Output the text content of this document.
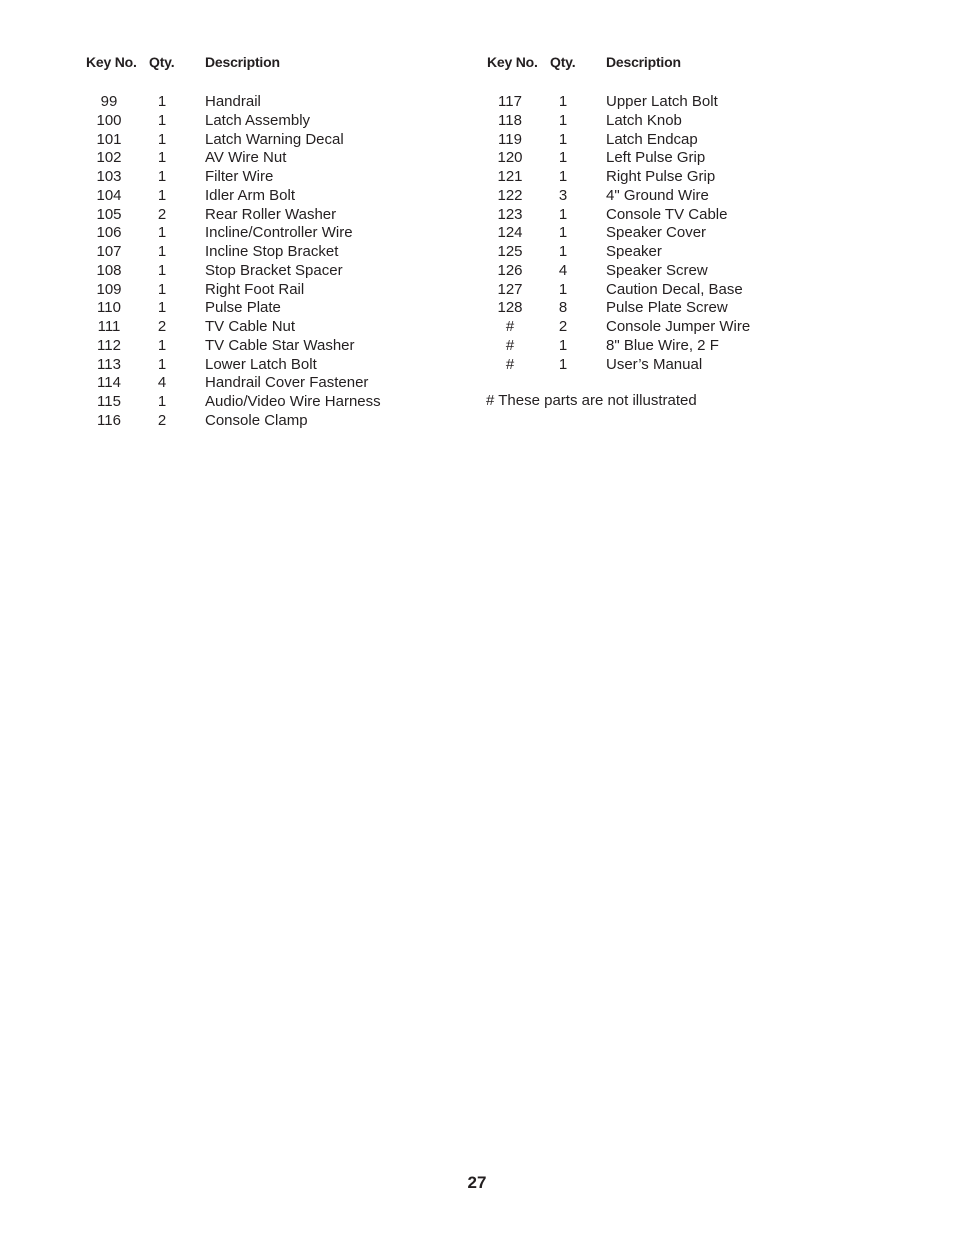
Key No. Qty. Description
99	1	Handrail
100	1	Latch Assembly
101	1	Latch Warning Decal
102	1	AV Wire Nut
103	1	Filter Wire
104	1	Idler Arm Bolt
105	2	Rear Roller Washer
106	1	Incline/Controller Wire
107	1	Incline Stop Bracket
108	1	Stop Bracket Spacer
109	1	Right Foot Rail
110	1	Pulse Plate
111	2	TV Cable Nut
112	1	TV Cable Star Washer
113	1	Lower Latch Bolt
114	4	Handrail Cover Fastener
115	1	Audio/Video Wire Harness
116	2	Console Clamp
Key No. Qty. Description
117	1	Upper Latch Bolt
118	1	Latch Knob
119	1	Latch Endcap
120	1	Left Pulse Grip
121	1	Right Pulse Grip
122	3	4" Ground Wire
123	1	Console TV Cable
124	1	Speaker Cover
125	1	Speaker
126	4	Speaker Screw
127	1	Caution Decal, Base
128	8	Pulse Plate Screw
#	2	Console Jumper Wire
#	1	8" Blue Wire, 2 F
#	1	User’s Manual
# These parts are not illustrated
27
